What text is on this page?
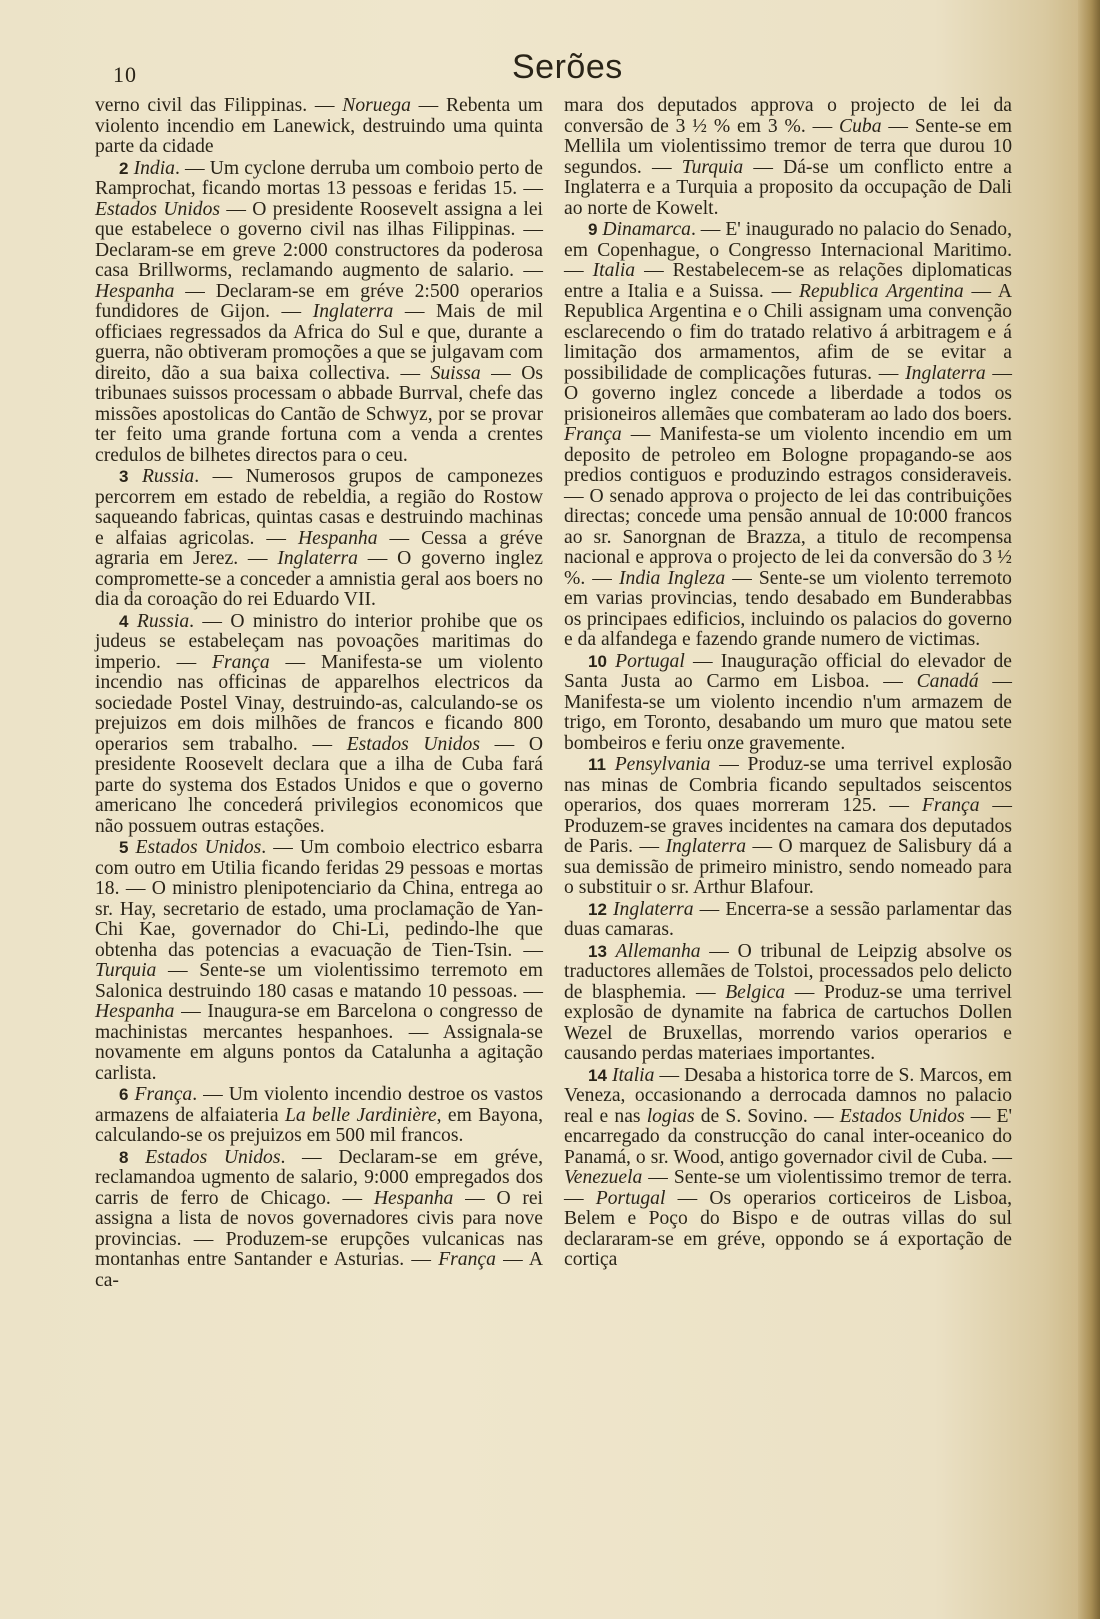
10	Serões

verno civil das Filippinas. — Noruega — Rebenta um violento incendio em Lanewick, destruindo uma quinta parte da cidade

2 India. — Um cyclone derruba um comboio perto de Ramprochat, ficando mortas 13 pessoas e feridas 15. — Estados Unidos — O presidente Roosevelt assigna a lei que estabelece o governo civil nas ilhas Filippinas. — Declaram-se em greve 2:000 constructores da poderosa casa Brillworms, reclamando augmento de salario. — Hespanha — Declaram-se em gréve 2:500 operarios fundidores de Gijon. — Inglaterra — Mais de mil officiaes regressados da Africa do Sul e que, durante a guerra, não obtiveram promoções a que se julgavam com direito, dão a sua baixa collectiva. — Suissa — Os tribunaes suissos processam o abbade Burrval, chefe das missões apostolicas do Cantão de Schwyz, por se provar ter feito uma grande fortuna com a venda a crentes credulos de bilhetes directos para o ceu.

3 Russia. — Numerosos grupos de camponezes percorrem em estado de rebeldia, a região do Rostow saqueando fabricas, quintas casas e destruindo machinas e alfaias agricolas. — Hespanha — Cessa a gréve agraria em Jerez. — Inglaterra — O governo inglez compromette-se a conceder a amnistia geral aos boers no dia da coroação do rei Eduardo VII.

4 Russia. — O ministro do interior prohibe que os judeus se estabeleçam nas povoações maritimas do imperio. — França — Manifesta-se um violento incendio nas officinas de apparelhos electricos da sociedade Postel Vinay, destruindo-as, calculando-se os prejuizos em dois milhões de francos e ficando 800 operarios sem trabalho. — Estados Unidos — O presidente Roosevelt declara que a ilha de Cuba fará parte do systema dos Estados Unidos e que o governo americano lhe concederá privilegios economicos que não possuem outras estações.

5 Estados Unidos. — Um comboio electrico esbarra com outro em Utilia ficando feridas 29 pessoas e mortas 18. — O ministro plenipotenciario da China, entrega ao sr. Hay, secretario de estado, uma proclamação de Yan-Chi Kae, governador do Chi-Li, pedindo-lhe que obtenha das potencias a evacuação de Tien-Tsin. — Turquia — Sente-se um violentissimo terremoto em Salonica destruindo 180 casas e matando 10 pessoas. — Hespanha — Inaugura-se em Barcelona o congresso de machinistas mercantes hespanhoes. — Assignala-se novamente em alguns pontos da Catalunha a agitação carlista.

6 França. — Um violento incendio destroe os vastos armazens de alfaiateria La belle Jardinière, em Bayona, calculando-se os prejuizos em 500 mil francos.

8 Estados Unidos. — Declaram-se em gréve, reclamandoa ugmento de salario, 9:000 empregados dos carris de ferro de Chicago. — Hespanha — O rei assigna a lista de novos governadores civis para nove provincias. — Produzem-se erupções vulcanicas nas montanhas entre Santander e Asturias. — França — A ca-

mara dos deputados approva o projecto de lei da conversão de 3 ½ % em 3 %. — Cuba — Sente-se em Mellila um violentissimo tremor de terra que durou 10 segundos. — Turquia — Dá-se um conflicto entre a Inglaterra e a Turquia a proposito da occupação de Dali ao norte de Kowelt.

9 Dinamarca. — E' inaugurado no palacio do Senado, em Copenhague, o Congresso Internacional Maritimo. — Italia — Restabelecem-se as relações diplomaticas entre a Italia e a Suissa. — Republica Argentina — A Republica Argentina e o Chili assignam uma convenção esclarecendo o fim do tratado relativo á arbitragem e á limitação dos armamentos, afim de se evitar a possibilidade de complicações futuras. — Inglaterra — O governo inglez concede a liberdade a todos os prisioneiros allemães que combateram ao lado dos boers. França — Manifesta-se um violento incendio em um deposito de petroleo em Bologne propagando-se aos predios contiguos e produzindo estragos consideraveis. — O senado approva o projecto de lei das contribuições directas; concede uma pensão annual de 10:000 francos ao sr. Sanorgnan de Brazza, a titulo de recompensa nacional e approva o projecto de lei da conversão do 3 ½ %. — India Ingleza — Sente-se um violento terremoto em varias provincias, tendo desabado em Bunderabbas os principaes edificios, incluindo os palacios do governo e da alfandega e fazendo grande numero de victimas.

10 Portugal — Inauguração official do elevador de Santa Justa ao Carmo em Lisboa. — Canadá — Manifesta-se um violento incendio n'um armazem de trigo, em Toronto, desabando um muro que matou sete bombeiros e feriu onze gravemente.

11 Pensylvania — Produz-se uma terrivel explosão nas minas de Combria ficando sepultados seiscentos operarios, dos quaes morreram 125. — França — Produzem-se graves incidentes na camara dos deputados de Paris. — Inglaterra — O marquez de Salisbury dá a sua demissão de primeiro ministro, sendo nomeado para o substituir o sr. Arthur Blafour.

12 Inglaterra — Encerra-se a sessão parlamentar das duas camaras.

13 Allemanha — O tribunal de Leipzig absolve os traductores allemães de Tolstoi, processados pelo delicto de blasphemia. — Belgica — Produz-se uma terrivel explosão de dynamite na fabrica de cartuchos Dollen Wezel de Bruxellas, morrendo varios operarios e causando perdas materiaes importantes.

14 Italia — Desaba a historica torre de S. Marcos, em Veneza, occasionando a derrocada damnos no palacio real e nas logias de S. Sovino. — Estados Unidos — E' encarregado da construcção do canal inter-oceanico do Panamá, o sr. Wood, antigo governador civil de Cuba. — Venezuela — Sente-se um violentissimo tremor de terra. — Portugal — Os operarios corticeiros de Lisboa, Belem e Poço do Bispo e de outras villas do sul declararam-se em gréve, oppondo se á exportação de cortiça
